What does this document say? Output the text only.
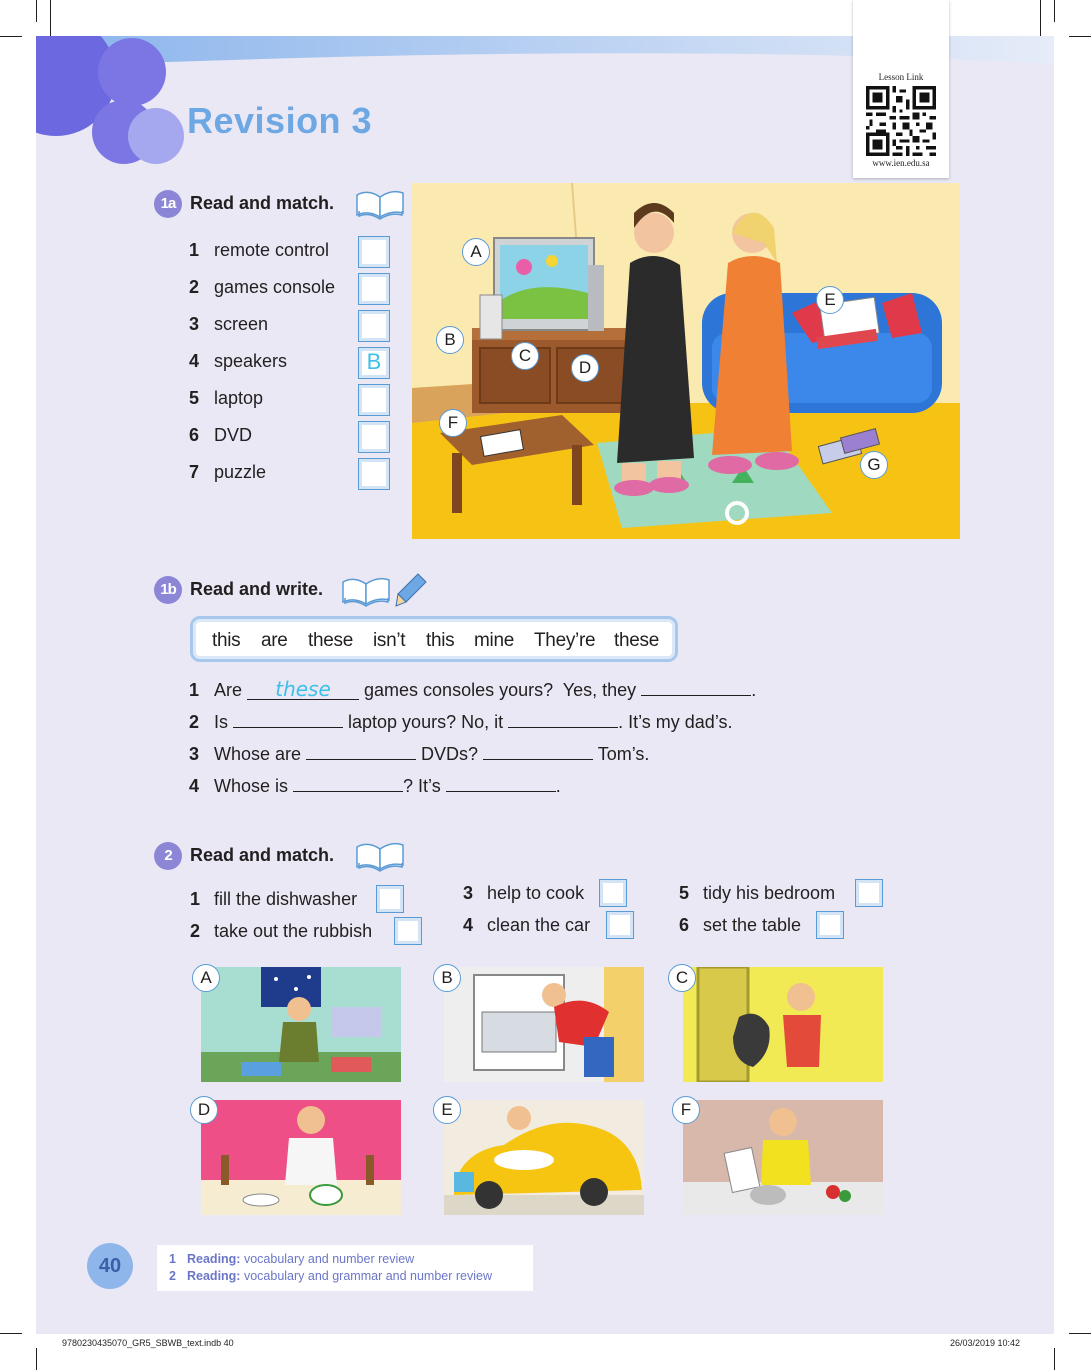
Revision 3
Lesson Link
www.ien.edu.sa
1a Read and match.
1 remote control
2 games console
3 screen
4 speakers	B
5 laptop
6 DVD
7 puzzle
A
B
C
D
E
F
G
1b Read and write.
this are these isn’t this mine They’re these
1 Are these games consoles yours?  Yes, they	.
2 Is	laptop yours? No, it	. It’s my dad’s.
3 Whose are	DVDs?	Tom’s.
4 Whose is	? It’s	.
2	Read and match.
1 fill the dishwasher
2 take out the rubbish
3 help to cook
4 clean the car
5 tidy his bedroom
6 set the table
A	B	C
D	E	F
40	1 Reading: vocabulary and number review
2 Reading: vocabulary and grammar and number review
9780230435070_GR5_SBWB_text.indb 40	26/03/2019 10:42
